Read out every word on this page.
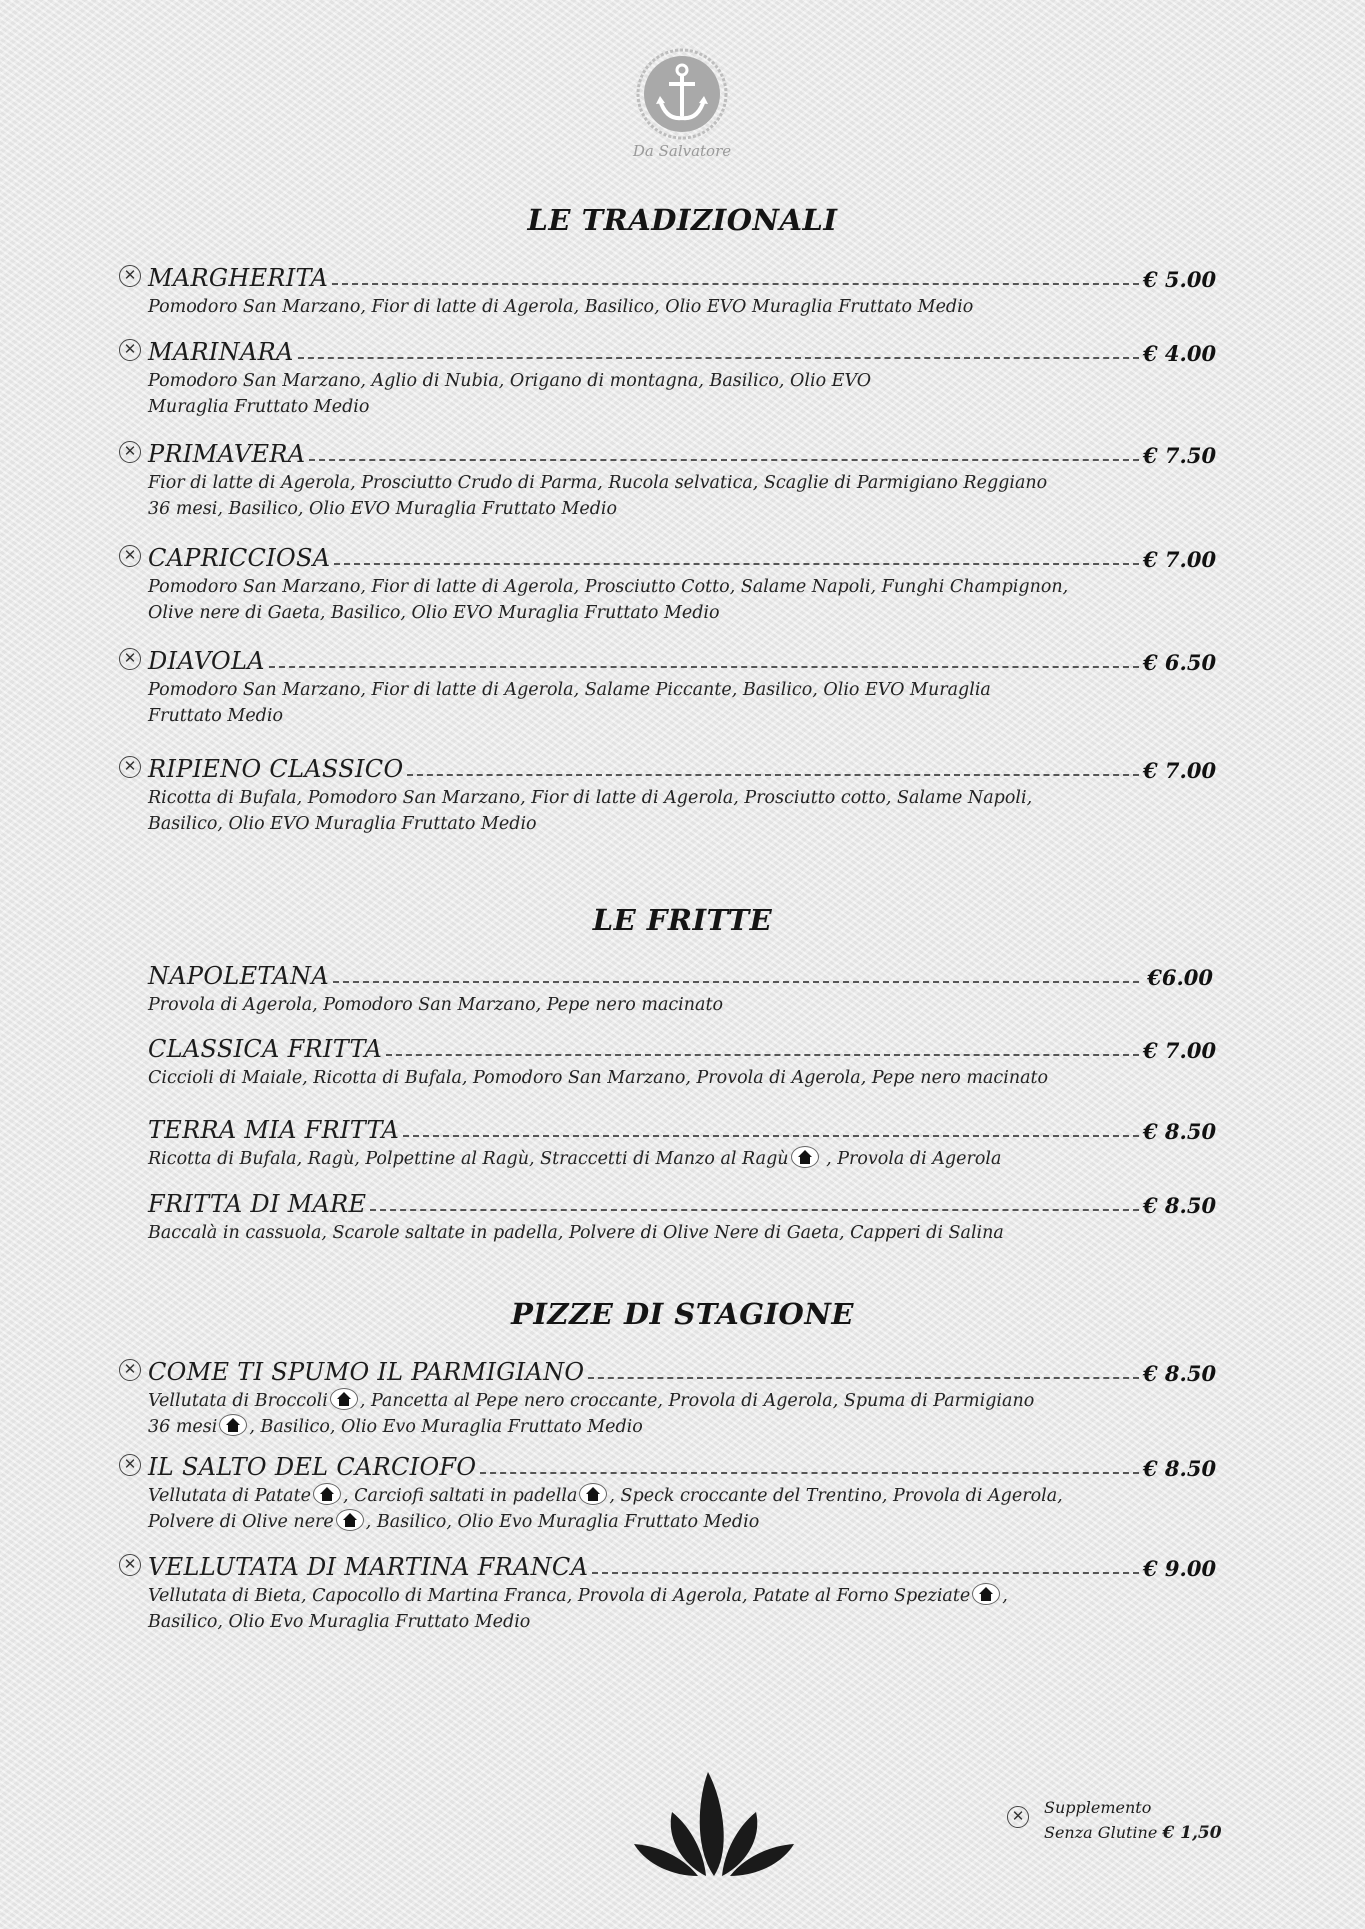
Da Salvatore
LE TRADIZIONALI
✕ MARGHERITA	€ 5.00
Pomodoro San Marzano, Fior di latte di Agerola, Basilico, Olio EVO Muraglia Fruttato Medio
✕ MARINARA	€ 4.00
Pomodoro San Marzano, Aglio di Nubia, Origano di montagna, Basilico, Olio EVO
Muraglia Fruttato Medio
✕ PRIMAVERA	€ 7.50
Fior di latte di Agerola, Prosciutto Crudo di Parma, Rucola selvatica, Scaglie di Parmigiano Reggiano
36 mesi, Basilico, Olio EVO Muraglia Fruttato Medio
✕ CAPRICCIOSA	€ 7.00
Pomodoro San Marzano, Fior di latte di Agerola, Prosciutto Cotto, Salame Napoli, Funghi Champignon,
Olive nere di Gaeta, Basilico, Olio EVO Muraglia Fruttato Medio
✕ DIAVOLA	€ 6.50
Pomodoro San Marzano, Fior di latte di Agerola, Salame Piccante, Basilico, Olio EVO Muraglia
Fruttato Medio
✕ RIPIENO CLASSICO	€ 7.00
Ricotta di Bufala, Pomodoro San Marzano, Fior di latte di Agerola, Prosciutto cotto, Salame Napoli,
Basilico, Olio EVO Muraglia Fruttato Medio
LE FRITTE
NAPOLETANA	€6.00
Provola di Agerola, Pomodoro San Marzano, Pepe nero macinato
CLASSICA FRITTA	€ 7.00
Ciccioli di Maiale, Ricotta di Bufala, Pomodoro San Marzano, Provola di Agerola, Pepe nero macinato
TERRA MIA FRITTA	€ 8.50
Ricotta di Bufala, Ragù, Polpettine al Ragù, Straccetti di Manzo al Ragù , Provola di Agerola
FRITTA DI MARE	€ 8.50
Baccalà in cassuola, Scarole saltate in padella, Polvere di Olive Nere di Gaeta, Capperi di Salina
PIZZE DI STAGIONE
✕ COME TI SPUMO IL PARMIGIANO	€ 8.50
Vellutata di Broccoli , Pancetta al Pepe nero croccante, Provola di Agerola, Spuma di Parmigiano
36 mesi , Basilico, Olio Evo Muraglia Fruttato Medio
✕ IL SALTO DEL CARCIOFO	€ 8.50
Vellutata di Patate , Carciofi saltati in padella , Speck croccante del Trentino, Provola di Agerola,
Polvere di Olive nere , Basilico, Olio Evo Muraglia Fruttato Medio
✕ VELLUTATA DI MARTINA FRANCA	€ 9.00
Vellutata di Bieta, Capocollo di Martina Franca, Provola di Agerola, Patate al Forno Speziate ,
Basilico, Olio Evo Muraglia Fruttato Medio
✕ Supplemento
Senza Glutine € 1,50
